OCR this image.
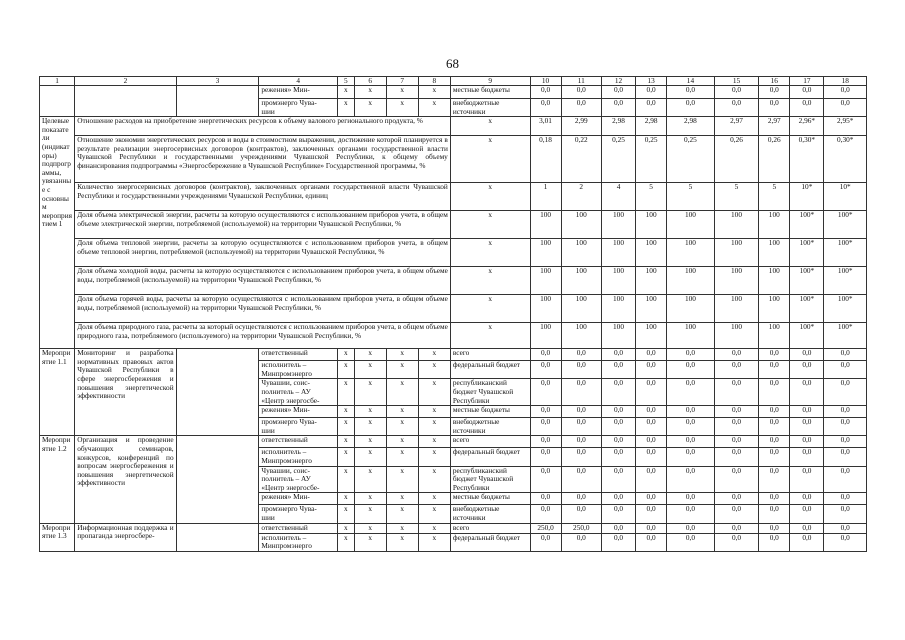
68
1	2	3	4	5	6	7	8	9	10	11	12	13	14	15	16	17	18

			режения» Мин-	x	x	x	x	местные бюджеты	0,0	0,0	0,0	0,0	0,0	0,0	0,0	0,0	0,0

			промэнерго Чува-
шии	x	x	x	x	внебюджетные источники	0,0	0,0	0,0	0,0	0,0	0,0	0,0	0,0	0,0
Целевые показатели (индикаторы) подпрограммы, увязанные с основным мероприятием 1	Отношение расходов на приобретение энергетических ресурсов к объему валового регионального продукта, %							x	3,01	2,99	2,98	2,98	2,98	2,97	2,97	2,96*	2,95*
	Отношение экономии энергетических ресурсов и воды в стоимостном выражении, достижение которой планируется в результате реализации энергосервисных договоров (контрактов), заключенных органами государственной власти Чувашской Республики и государственными учреждениями Чувашской Республики, к общему объему финансирования подпрограммы «Энергосбережение в Чувашской Республике» Государственной программы, %							x	0,18	0,22	0,25	0,25	0,25	0,26	0,26	0,30*	0,30*
	Количество энергосервисных договоров (контрактов), заключенных органами государственной власти Чувашской Республики и государственными учреждениями Чувашской Республики, единиц							x	1	2	4	5	5	5	5	10*	10*
	Доля объема электрической энергии, расчеты за которую осуществляются с использованием приборов учета, в общем объеме электрической энергии, потребляемой (используемой) на территории Чувашской Республики, %							x	100	100	100	100	100	100	100	100*	100*
	Доля объема тепловой энергии, расчеты за которую осуществляются с использованием приборов учета, в общем объеме тепловой энергии, потребляемой (используемой) на территории Чувашской Республики, %							x	100	100	100	100	100	100	100	100*	100*
	Доля объема холодной воды, расчеты за которую осуществляются с использованием приборов учета, в общем объеме воды, потребляемой (используемой) на территории Чувашской Республики, %							x	100	100	100	100	100	100	100	100*	100*
	Доля объема горячей воды, расчеты за которую осуществляются с использованием приборов учета, в общем объеме воды, потребляемой (используемой) на территории Чувашской Республики, %							x	100	100	100	100	100	100	100	100*	100*
	Доля объема природного газа, расчеты за который осуществляются с использованием приборов учета, в общем объеме природного газа, потребляемого (используемого) на территории Чувашской Республики, %							x	100	100	100	100	100	100	100	100*	100*
Мероприятие 1.1	Мониторинг и разработка нормативных правовых актов Чувашской Республики в сфере энергосбережения и повышения энергетической эффективности		ответственный	x	x	x	x	всего	0,0	0,0	0,0	0,0	0,0	0,0	0,0	0,0	0,0

			исполнитель –
Минпромэнерго	x	x	x	x	федеральный бюджет	0,0	0,0	0,0	0,0	0,0	0,0	0,0	0,0	0,0

			Чувашии, соис-
полнитель – АУ
«Центр энергосбе-	x	x	x	x	республиканский бюджет Чувашской Республики	0,0	0,0	0,0	0,0	0,0	0,0	0,0	0,0	0,0

			режения» Мин-	x	x	x	x	местные бюджеты	0,0	0,0	0,0	0,0	0,0	0,0	0,0	0,0	0,0

			промэнерго Чува-
шии	x	x	x	x	внебюджетные источники	0,0	0,0	0,0	0,0	0,0	0,0	0,0	0,0	0,0
Мероприятие 1.2	Организация и проведение обучающих семинаров, конкурсов, конференций по вопросам энергосбережения и повышения энергетической эффективности		ответственный	x	x	x	x	всего	0,0	0,0	0,0	0,0	0,0	0,0	0,0	0,0	0,0

			исполнитель –
Минпромэнерго	x	x	x	x	федеральный бюджет	0,0	0,0	0,0	0,0	0,0	0,0	0,0	0,0	0,0

			Чувашии, соис-
полнитель – АУ
«Центр энергосбе-	x	x	x	x	республиканский бюджет Чувашской Республики	0,0	0,0	0,0	0,0	0,0	0,0	0,0	0,0	0,0

			режения» Мин-	x	x	x	x	местные бюджеты	0,0	0,0	0,0	0,0	0,0	0,0	0,0	0,0	0,0

			промэнерго Чува-
шии	x	x	x	x	внебюджетные источники	0,0	0,0	0,0	0,0	0,0	0,0	0,0	0,0	0,0
Мероприятие 1.3	Информационная поддержка и пропаганда энергосбере-		ответственный	x	x	x	x	всего	250,0	250,0	0,0	0,0	0,0	0,0	0,0	0,0	0,0

			исполнитель –
Минпромэнерго	x	x	x	x	федеральный бюджет	0,0	0,0	0,0	0,0	0,0	0,0	0,0	0,0	0,0
